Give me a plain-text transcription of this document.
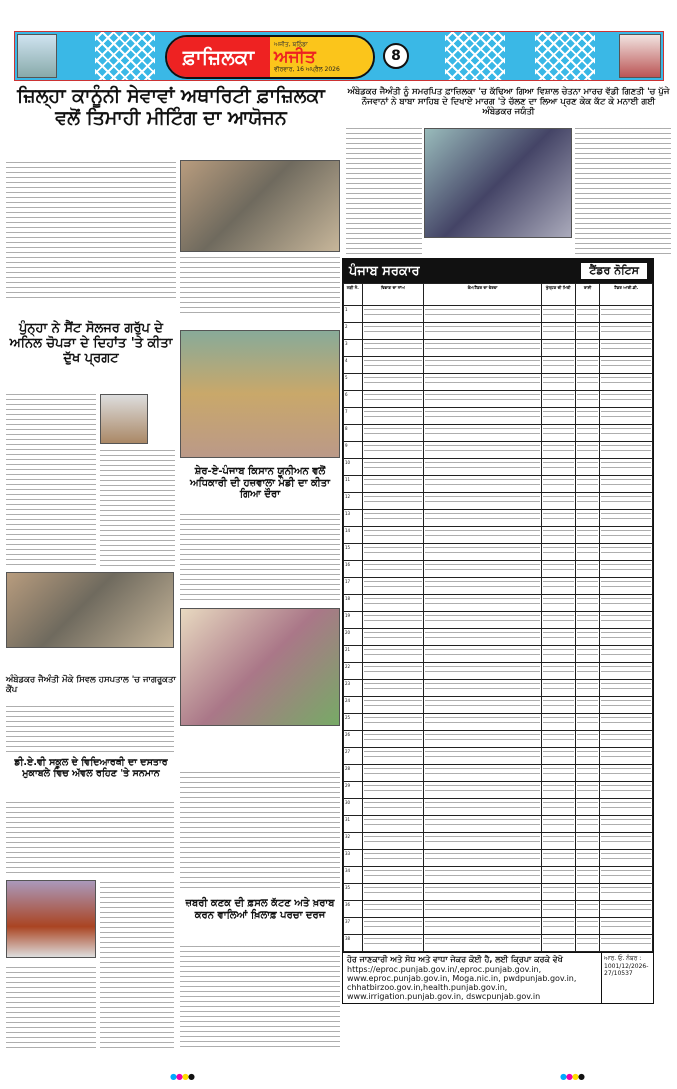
ਫ਼ਾਜ਼ਿਲਕਾ
ਅਜੀਤ, ਬਠਿੰਡਾ
ਅਜੀਤ
ਵੀਰਵਾਰ, 16 ਅਪ੍ਰੈਲ 2026
8
ਜ਼ਿਲ੍ਹਾ ਕਾਨੂੰਨੀ ਸੇਵਾਵਾਂ ਅਥਾਰਿਟੀ ਫ਼ਾਜ਼ਿਲਕਾ ਵਲੋਂ ਤਿਮਾਹੀ ਮੀਟਿੰਗ ਦਾ ਆਯੋਜਨ
ਅੰਬੇਡਕਰ ਜੈਅੰਤੀ ਨੂੰ ਸਮਰਪਿਤ ਫ਼ਾਜ਼ਿਲਕਾ 'ਚ ਕੱਢਿਆ ਗਿਆ ਵਿਸ਼ਾਲ ਚੇਤਨਾ ਮਾਰਚ ਵੱਡੀ ਗਿਣਤੀ 'ਚ ਪੁੱਜੇ ਨੌਜਵਾਨਾਂ ਨੇ ਬਾਬਾ ਸਾਹਿਬ ਦੇ ਦਿਖਾਏ ਮਾਰਗ 'ਤੇ ਚੱਲਣ ਦਾ ਲਿਆ ਪ੍ਰਣ ਕੇਕ ਕੱਟ ਕੇ ਮਨਾਈ ਗਈ ਅੰਬੇਡਕਰ ਜਯੰਤੀ
ਪੁੰਨ੍ਹਾ ਨੇ ਸੈਂਟ ਸੋਲਜਰ ਗਰੁੱਪ ਦੇ ਅਨਿਲ ਚੋਪੜਾ ਦੇ ਦਿਹਾਂਤ 'ਤੇ ਕੀਤਾ ਦੁੱਖ ਪ੍ਰਗਟ
ਸ਼ੇਰ-ਏ-ਪੰਜਾਬ ਕਿਸਾਨ ਯੂਨੀਅਨ ਵਲੋਂ ਅਧਿਕਾਰੀ ਦੀ ਹਜ਼ਵਾਲਾ ਮੰਡੀ ਦਾ ਕੀਤਾ ਗਿਆ ਦੌਰਾ
ਅੰਬੇਡਕਰ ਜੈਅੰਤੀ ਮੌਕੇ ਸਿਵਲ ਹਸਪਤਾਲ 'ਚ ਜਾਗਰੂਕਤਾ ਕੈਂਪ
ਡੀ.ਏ.ਵੀ ਸਕੂਲ ਦੇ ਵਿਦਿਆਰਥੀ ਦਾ ਦਸਤਾਰ ਮੁਕਾਬਲੇ ਵਿਚ ਅੱਵਲ ਰਹਿਣ 'ਤੇ ਸਨਮਾਨ
ਜ਼ਬਰੀ ਕਣਕ ਦੀ ਫ਼ਸਲ ਕੱਟਣ ਅਤੇ ਖ਼ਰਾਬ ਕਰਨ ਵਾਲਿਆਂ ਖ਼ਿਲਾਫ਼ ਪਰਚਾ ਦਰਜ
ਪੰਜਾਬ ਸਰਕਾਰ	ਟੈਂਡਰ ਨੋਟਿਸ
ਲੜੀ ਨੰ.	ਵਿਭਾਗ ਦਾ ਨਾਂਅ	ਕੰਮ/ਟੈਂਡਰ ਦਾ ਵੇਰਵਾ	ਖੁੱਲ੍ਹਣ ਦੀ ਮਿਤੀ	ਰਾਸ਼ੀ	ਟੈਂਡਰ ਆਈ.ਡੀ.
1	

2	

3	

4	

5	

6	

7	

8	

9	

10	

11	

12	

13	

14	

15	

16	

17	

18	

19	

20	

21	

22	

23	

24	

25	

26	

27	

28	

29	

30	

31	

32	

33	

34	

35	

36	

37	

38	

ਹੋਰ ਜਾਣਕਾਰੀ ਅਤੇ ਸੋਧ ਅਤੇ ਵਾਧਾ ਜੇਕਰ ਕੋਈ ਹੈ, ਲਈ ਕ੍ਰਿਪਾ ਕਰਕੇ ਵੇਖੋ
https://eproc.punjab.gov.in/,eproc.punjab.gov.in, www.eproc.punjab.gov.in, Moga.nic.in, pwdpunjab.gov.in, chhatbirzoo.gov.in,health.punjab.gov.in, www.irrigation.punjab.gov.in, dswcpunjab.gov.in
ਆਰ. ਓ. ਨੰਬਰ :
1001/12/2026-27/10537
●●●●	●●●●
